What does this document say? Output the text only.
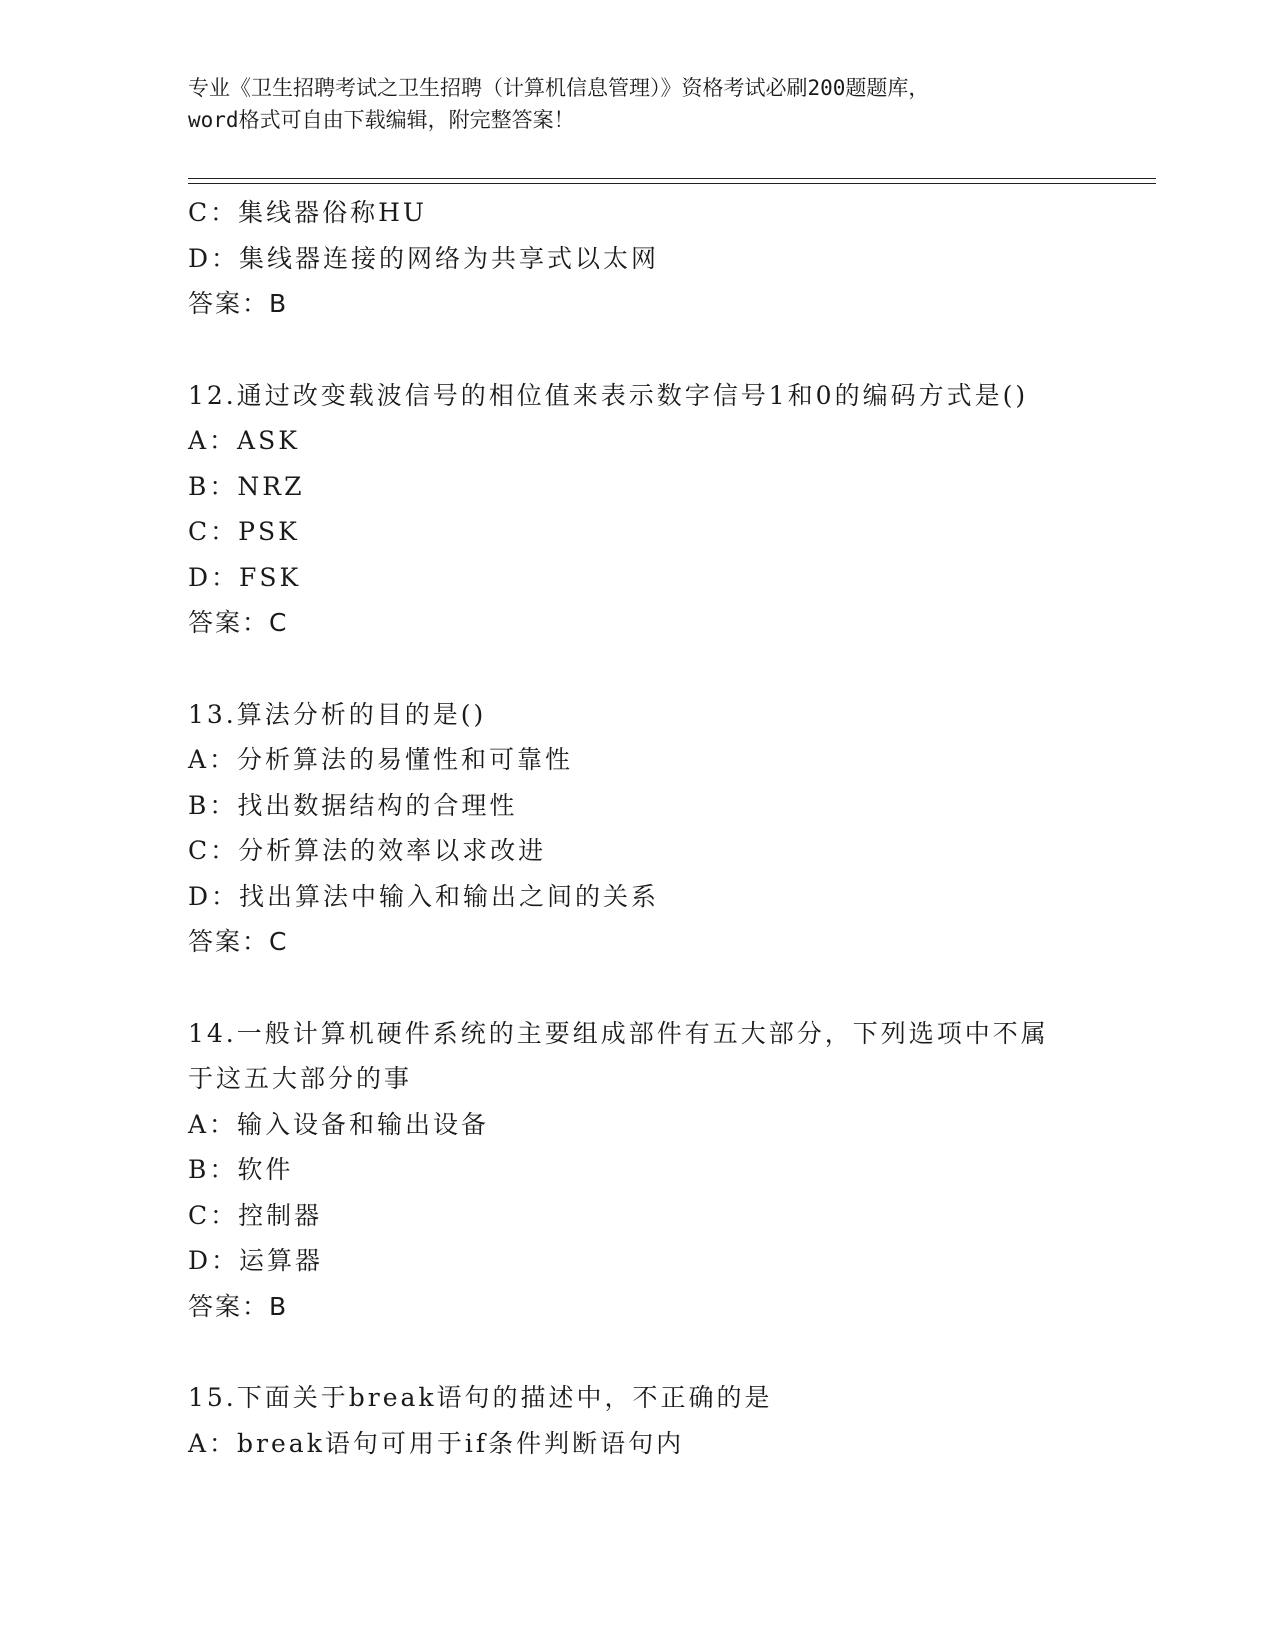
专业《卫生招聘考试之卫生招聘（计算机信息管理）》资格考试必刷200题题库，
word格式可自由下载编辑，附完整答案！
C：集线器俗称HU
D：集线器连接的网络为共享式以太网
答案：B
12.通过改变载波信号的相位值来表示数字信号1和0的编码方式是()
A：ASK
B：NRZ
C：PSK
D：FSK
答案：C
13.算法分析的目的是()
A：分析算法的易懂性和可靠性
B：找出数据结构的合理性
C：分析算法的效率以求改进
D：找出算法中输入和输出之间的关系
答案：C
14.一般计算机硬件系统的主要组成部件有五大部分，下列选项中不属
于这五大部分的事
A：输入设备和输出设备
B：软件
C：控制器
D：运算器
答案：B
15.下面关于break语句的描述中，不正确的是
A：break语句可用于if条件判断语句内
